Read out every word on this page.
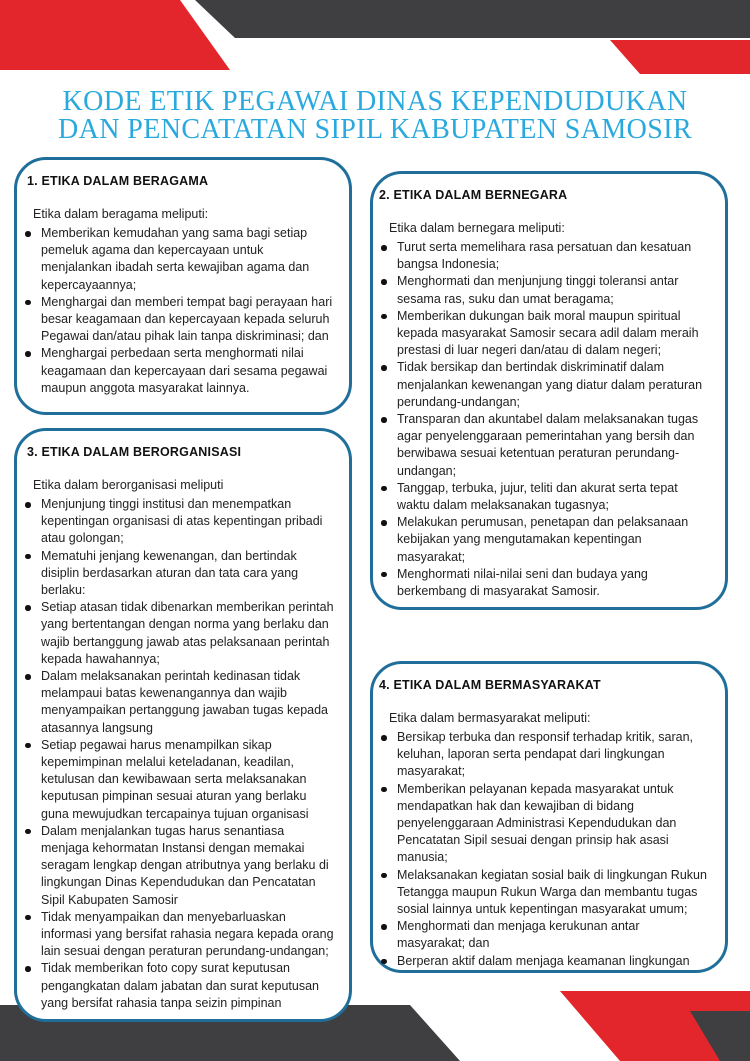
KODE ETIK PEGAWAI DINAS KEPENDUDUKAN
DAN PENCATATAN SIPIL KABUPATEN SAMOSIR
1. ETIKA DALAM BERAGAMA

Etika dalam beragama meliputi:

Memberikan kemudahan yang sama bagi setiap pemeluk agama dan kepercayaan untuk menjalankan ibadah serta kewajiban agama dan kepercayaannya;
Menghargai dan memberi tempat bagi perayaan hari besar keagamaan dan kepercayaan kepada seluruh Pegawai dan/atau pihak lain tanpa diskriminasi; dan
Menghargai perbedaan serta menghormati nilai keagamaan dan kepercayaan dari sesama pegawai maupun anggota masyarakat lainnya.
2. ETIKA DALAM BERNEGARA

Etika dalam bernegara meliputi:

Turut serta memelihara rasa persatuan dan kesatuan bangsa Indonesia;
Menghormati dan menjunjung tinggi toleransi antar sesama ras, suku dan umat beragama;
Memberikan dukungan baik moral maupun spiritual kepada masyarakat Samosir secara adil dalam meraih prestasi di luar negeri dan/atau di dalam negeri;
Tidak bersikap dan bertindak diskriminatif dalam menjalankan kewenangan yang diatur dalam peraturan perundang-undangan;
Transparan dan akuntabel dalam melaksanakan tugas agar penyelenggaraan pemerintahan yang bersih dan berwibawa sesuai ketentuan peraturan perundang-undangan;
Tanggap, terbuka, jujur, teliti dan akurat serta tepat waktu dalam melaksanakan tugasnya;
Melakukan perumusan, penetapan dan pelaksanaan kebijakan yang mengutamakan kepentingan masyarakat;
Menghormati nilai-nilai seni dan budaya yang berkembang di masyarakat Samosir.
3. ETIKA DALAM BERORGANISASI

Etika dalam berorganisasi meliputi

Menjunjung tinggi institusi dan menempatkan kepentingan organisasi di atas kepentingan pribadi atau golongan;
Mematuhi jenjang kewenangan, dan bertindak disiplin berdasarkan aturan dan tata cara yang berlaku:
Setiap atasan tidak dibenarkan memberikan perintah yang bertentangan dengan norma yang berlaku dan wajib bertanggung jawab atas pelaksanaan perintah kepada hawahannya;
Dalam melaksanakan perintah kedinasan tidak melampaui batas kewenangannya dan wajib menyampaikan pertanggung jawaban tugas kepada atasannya langsung
Setiap pegawai harus menampilkan sikap kepemimpinan melalui keteladanan, keadilan, ketulusan dan kewibawaan serta melaksanakan keputusan pimpinan sesuai aturan yang berlaku guna mewujudkan tercapainya tujuan organisasi
Dalam menjalankan tugas harus senantiasa menjaga kehormatan Instansi dengan memakai seragam lengkap dengan atributnya yang berlaku di lingkungan Dinas Kependudukan dan Pencatatan Sipil Kabupaten Samosir
Tidak menyampaikan dan menyebarluaskan informasi yang bersifat rahasia negara kepada orang lain sesuai dengan peraturan perundang-undangan;
Tidak memberikan foto copy surat keputusan pengangkatan dalam jabatan dan surat keputusan yang bersifat rahasia tanpa seizin pimpinan
4. ETIKA DALAM BERMASYARAKAT

Etika dalam bermasyarakat meliputi:

Bersikap terbuka dan responsif terhadap kritik, saran, keluhan, laporan serta pendapat dari lingkungan masyarakat;
Memberikan pelayanan kepada masyarakat untuk mendapatkan hak dan kewajiban di bidang penyelenggaraan Administrasi Kependudukan dan Pencatatan Sipil sesuai dengan prinsip hak asasi manusia;
Melaksanakan kegiatan sosial baik di lingkungan Rukun Tetangga maupun Rukun Warga dan membantu tugas sosial lainnya untuk kepentingan masyarakat umum;
Menghormati dan menjaga kerukunan antar masyarakat; dan
Berperan aktif dalam menjaga keamanan lingkungan
